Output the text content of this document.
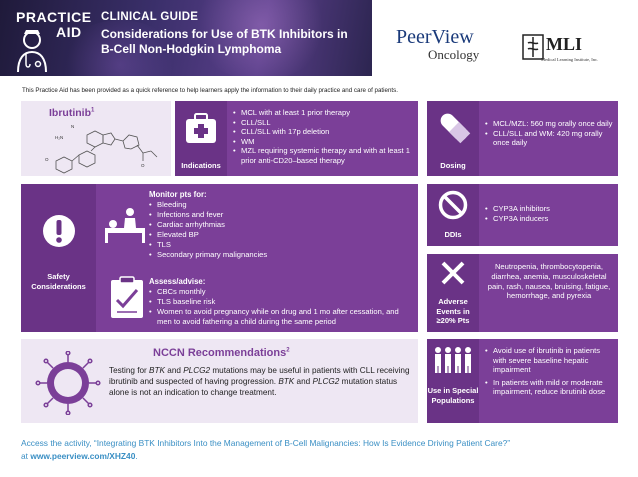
PRACTICE

AID
CLINICAL GUIDE
Considerations for Use of BTK Inhibitors in B-Cell Non-Hodgkin Lymphoma
PeerView
Oncology
MLI
Medical Learning Institute, Inc.
This Practice Aid has been provided as a quick reference to help learners apply the information to their daily practice and care of patients.
Ibrutinib$^1$
N
H₂N
O
O	Indications
• MCL with at least 1 prior therapy
• CLL/SLL
• CLL/SLL with 17p deletion
• WM
• MZL requiring systemic therapy and with at least 1 prior anti-CD20–based therapy
Dosing
• MCL/MZL: 560 mg orally once daily
• CLL/SLL and WM: 420 mg orally once daily
Safety Considerations
Monitor pts for:
• Bleeding
• Infections and fever
• Cardiac arrhythmias
• Elevated BP
• TLS
• Secondary primary malignancies
Assess/advise:
• CBCs monthly
• TLS baseline risk
• Women to avoid pregnancy while on drug and 1 mo after cessation, and men to avoid fathering a child during the same period
DDIs
• CYP3A inhibitors
• CYP3A inducers
Adverse Events in ≥20% Pts
Neutropenia, thrombocytopenia, diarrhea, anemia, musculoskeletal pain, rash, nausea, bruising, fatigue, hemorrhage, and pyrexia
NCCN Recommendations$^2$
Testing for BTK and PLCG2 mutations may be useful in patients with CLL receiving ibrutinib and suspected of having progression. BTK and PLCG2 mutation status alone is not an indication to change treatment.	Use in Special Populations
• Avoid use of ibrutinib in patients with severe baseline hepatic impairment
• In patients with mild or moderate impairment, reduce ibrutinib dose
Access the activity, “Integrating BTK Inhibitors Into the Management of B-Cell Malignancies: How Is Evidence Driving Patient Care?”
at www.peerview.com/XHZ40.
